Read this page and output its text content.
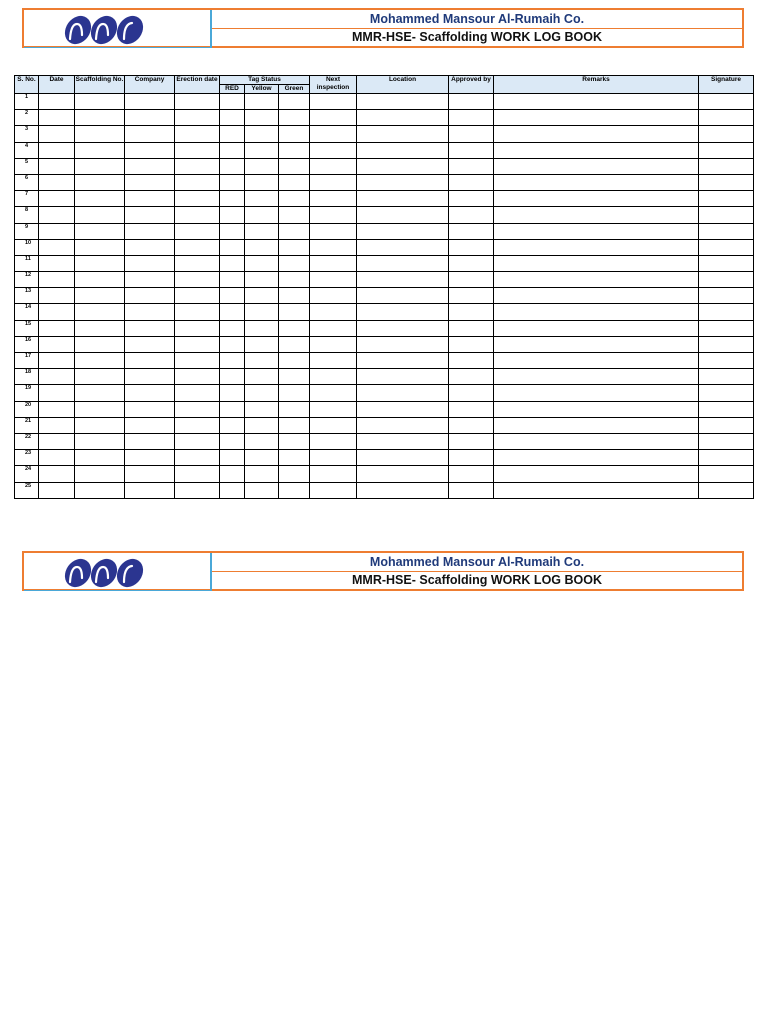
Mohammed Mansour Al-Rumaih Co.
MMR-HSE- Scaffolding WORK LOG BOOK
S. No.	Date	Scaffolding No.	Company	Erection date	Tag Status			Next inspection	Location	Approved by	Remarks	Signature	
					RED	Yellow	Green						
1														
2														
3														
4														
5														
6														
7														
8														
9														
10														
11														
12														
13														
14														
15														
16														
17														
18														
19														
20														
21														
22														
23														
24														
25														
Mohammed Mansour Al-Rumaih Co.
MMR-HSE- Scaffolding WORK LOG BOOK
